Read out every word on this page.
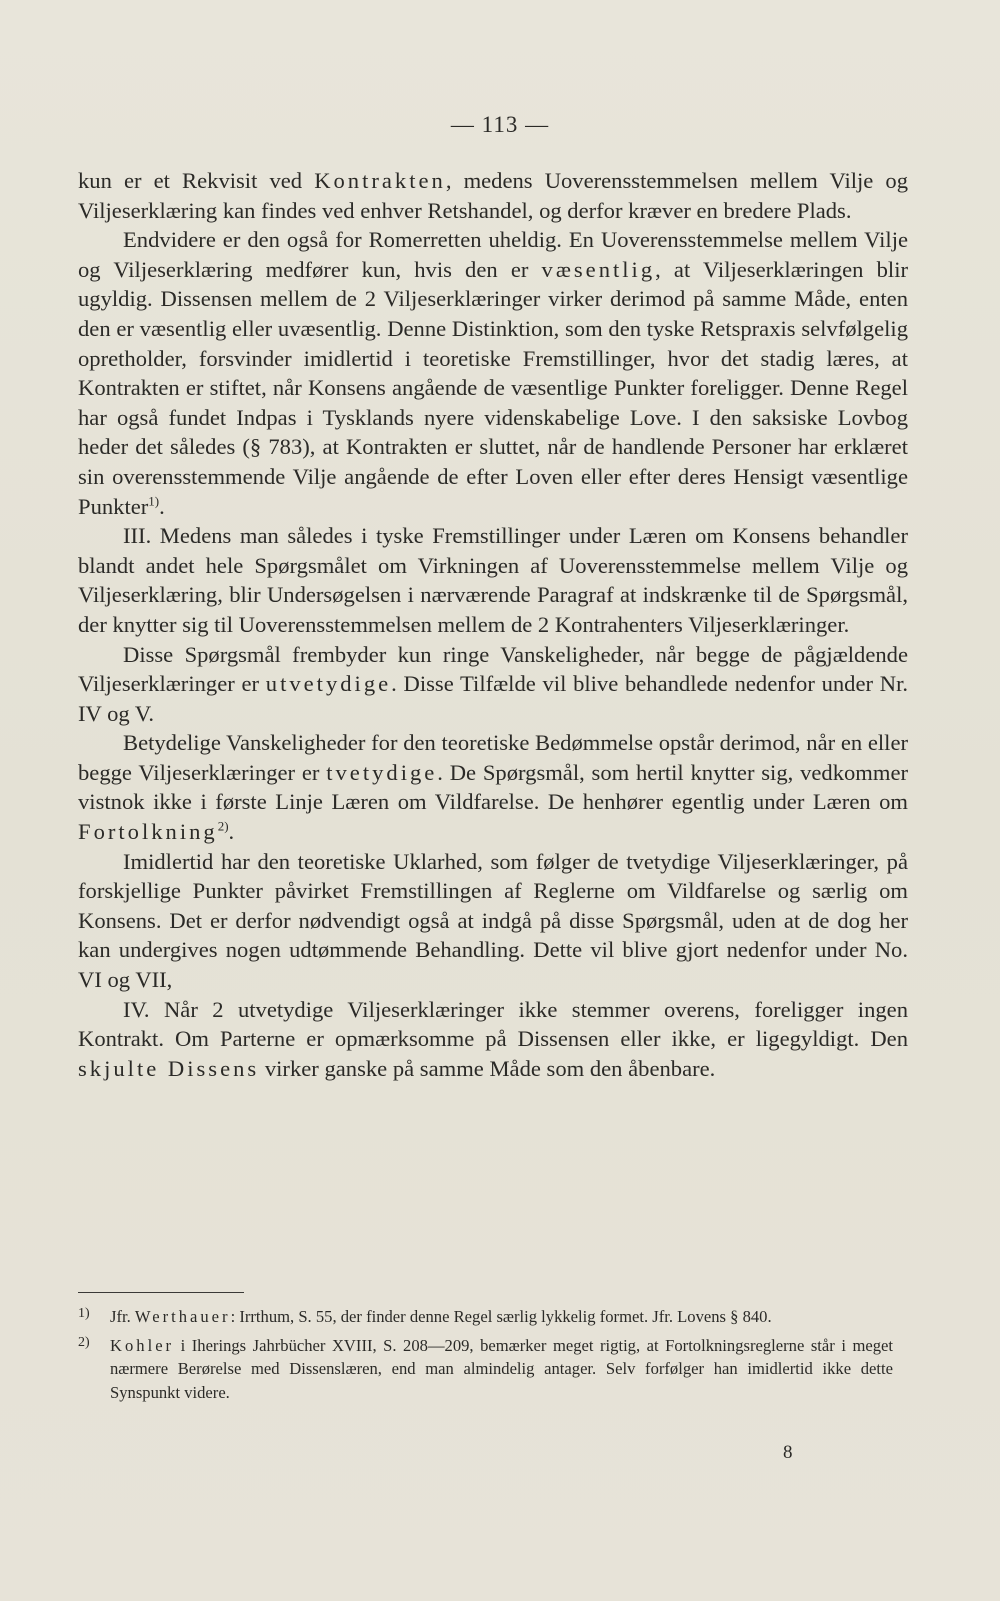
— 113 —

kun er et Rekvisit ved Kontrakten, medens Uoverensstemmelsen mellem Vilje og Viljeserklæring kan findes ved enhver Retshandel, og derfor kræver en bredere Plads.

Endvidere er den også for Romerretten uheldig. En Uoverensstemmelse mellem Vilje og Viljeserklæring medfører kun, hvis den er væsentlig, at Viljeserklæringen blir ugyldig. Dissensen mellem de 2 Viljeserklæringer virker derimod på samme Måde, enten den er væsentlig eller uvæsentlig. Denne Distinktion, som den tyske Retspraxis selvfølgelig opretholder, forsvinder imidlertid i teoretiske Fremstillinger, hvor det stadig læres, at Kontrakten er stiftet, når Konsens angående de væsentlige Punkter foreligger. Denne Regel har også fundet Indpas i Tysklands nyere videnskabelige Love. I den saksiske Lovbog heder det således (§ 783), at Kontrakten er sluttet, når de handlende Personer har erklæret sin overensstemmende Vilje angående de efter Loven eller efter deres Hensigt væsentlige Punkter$^{1)}$.

III. Medens man således i tyske Fremstillinger under Læren om Konsens behandler blandt andet hele Spørgsmålet om Virkningen af Uoverensstemmelse mellem Vilje og Viljeserklæring, blir Undersøgelsen i nærværende Paragraf at indskrænke til de Spørgsmål, der knytter sig til Uoverensstemmelsen mellem de 2 Kontrahenters Viljeserklæringer.

Disse Spørgsmål frembyder kun ringe Vanskeligheder, når begge de pågjældende Viljeserklæringer er utvetydige. Disse Tilfælde vil blive behandlede nedenfor under Nr. IV og V.

Betydelige Vanskeligheder for den teoretiske Bedømmelse opstår derimod, når en eller begge Viljeserklæringer er tvetydige. De Spørgsmål, som hertil knytter sig, vedkommer vistnok ikke i første Linje Læren om Vildfarelse. De henhører egentlig under Læren om Fortolkning$^{2)}$.

Imidlertid har den teoretiske Uklarhed, som følger de tvetydige Viljeserklæringer, på forskjellige Punkter påvirket Fremstillingen af Reglerne om Vildfarelse og særlig om Konsens. Det er derfor nødvendigt også at indgå på disse Spørgsmål, uden at de dog her kan undergives nogen udtømmende Behandling. Dette vil blive gjort nedenfor under No. VI og VII,

IV. Når 2 utvetydige Viljeserklæringer ikke stemmer overens, foreligger ingen Kontrakt. Om Parterne er opmærksomme på Dissensen eller ikke, er ligegyldigt. Den skjulte Dissens virker ganske på samme Måde som den åbenbare.

1) Jfr. Werthauer: Irrthum, S. 55, der finder denne Regel særlig lykkelig formet. Jfr. Lovens § 840.
2) Kohler i Iherings Jahrbücher XVIII, S. 208—209, bemærker meget rigtig, at Fortolkningsreglerne står i meget nærmere Berørelse med Dissenslæren, end man almindelig antager. Selv forfølger han imidlertid ikke dette Synspunkt videre.
8
